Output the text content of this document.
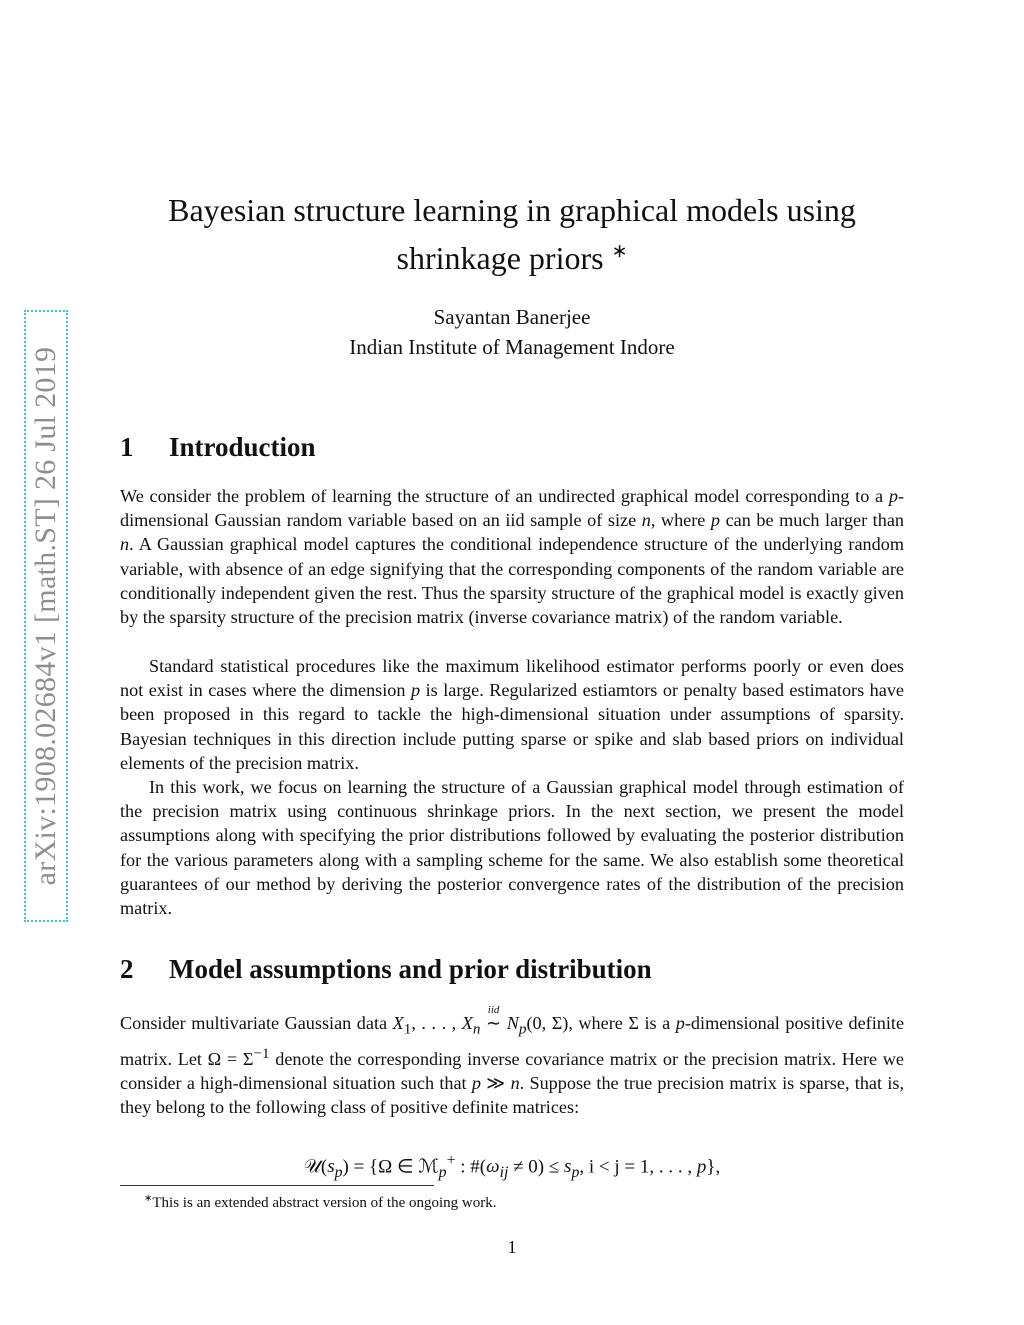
arXiv:1908.02684v1 [math.ST] 26 Jul 2019
Bayesian structure learning in graphical models using shrinkage priors ∗
Sayantan Banerjee
Indian Institute of Management Indore
1 Introduction

We consider the problem of learning the structure of an undirected graphical model corresponding to a p-dimensional Gaussian random variable based on an iid sample of size n, where p can be much larger than n. A Gaussian graphical model captures the conditional independence structure of the underlying random variable, with absence of an edge signifying that the corresponding components of the random variable are conditionally independent given the rest. Thus the sparsity structure of the graphical model is exactly given by the sparsity structure of the precision matrix (inverse covariance matrix) of the random variable.

Standard statistical procedures like the maximum likelihood estimator performs poorly or even does not exist in cases where the dimension p is large. Regularized estiamtors or penalty based estimators have been proposed in this regard to tackle the high-dimensional situation under assumptions of sparsity. Bayesian techniques in this direction include putting sparse or spike and slab based priors on individual elements of the precision matrix.

In this work, we focus on learning the structure of a Gaussian graphical model through estimation of the precision matrix using continuous shrinkage priors. In the next section, we present the model assumptions along with specifying the prior distributions followed by evaluating the posterior distribution for the various parameters along with a sampling scheme for the same. We also establish some theoretical guarantees of our method by deriving the posterior convergence rates of the distribution of the precision matrix.

2 Model assumptions and prior distribution

Consider multivariate Gaussian data $X_1$, . . . , $X_n$
iid
∼ $N_p(0$, Σ), where Σ is a p-dimensional positive definite matrix. Let $\Omega = \Sigma^{-1}$ denote the corresponding inverse covariance matrix or the precision matrix. Here we consider a high-dimensional situation such that p ≫ n. Suppose the true precision matrix is sparse, that is, they belong to the following class of positive definite matrices:

$𝒰(s_p) = \{\Omega$ ∈ ℳ$_p$+ : $\#(\omega_{ij} \ne 0) \le s_p$, i < j = 1, . . . , p},
∗This is an extended abstract version of the ongoing work.
1
